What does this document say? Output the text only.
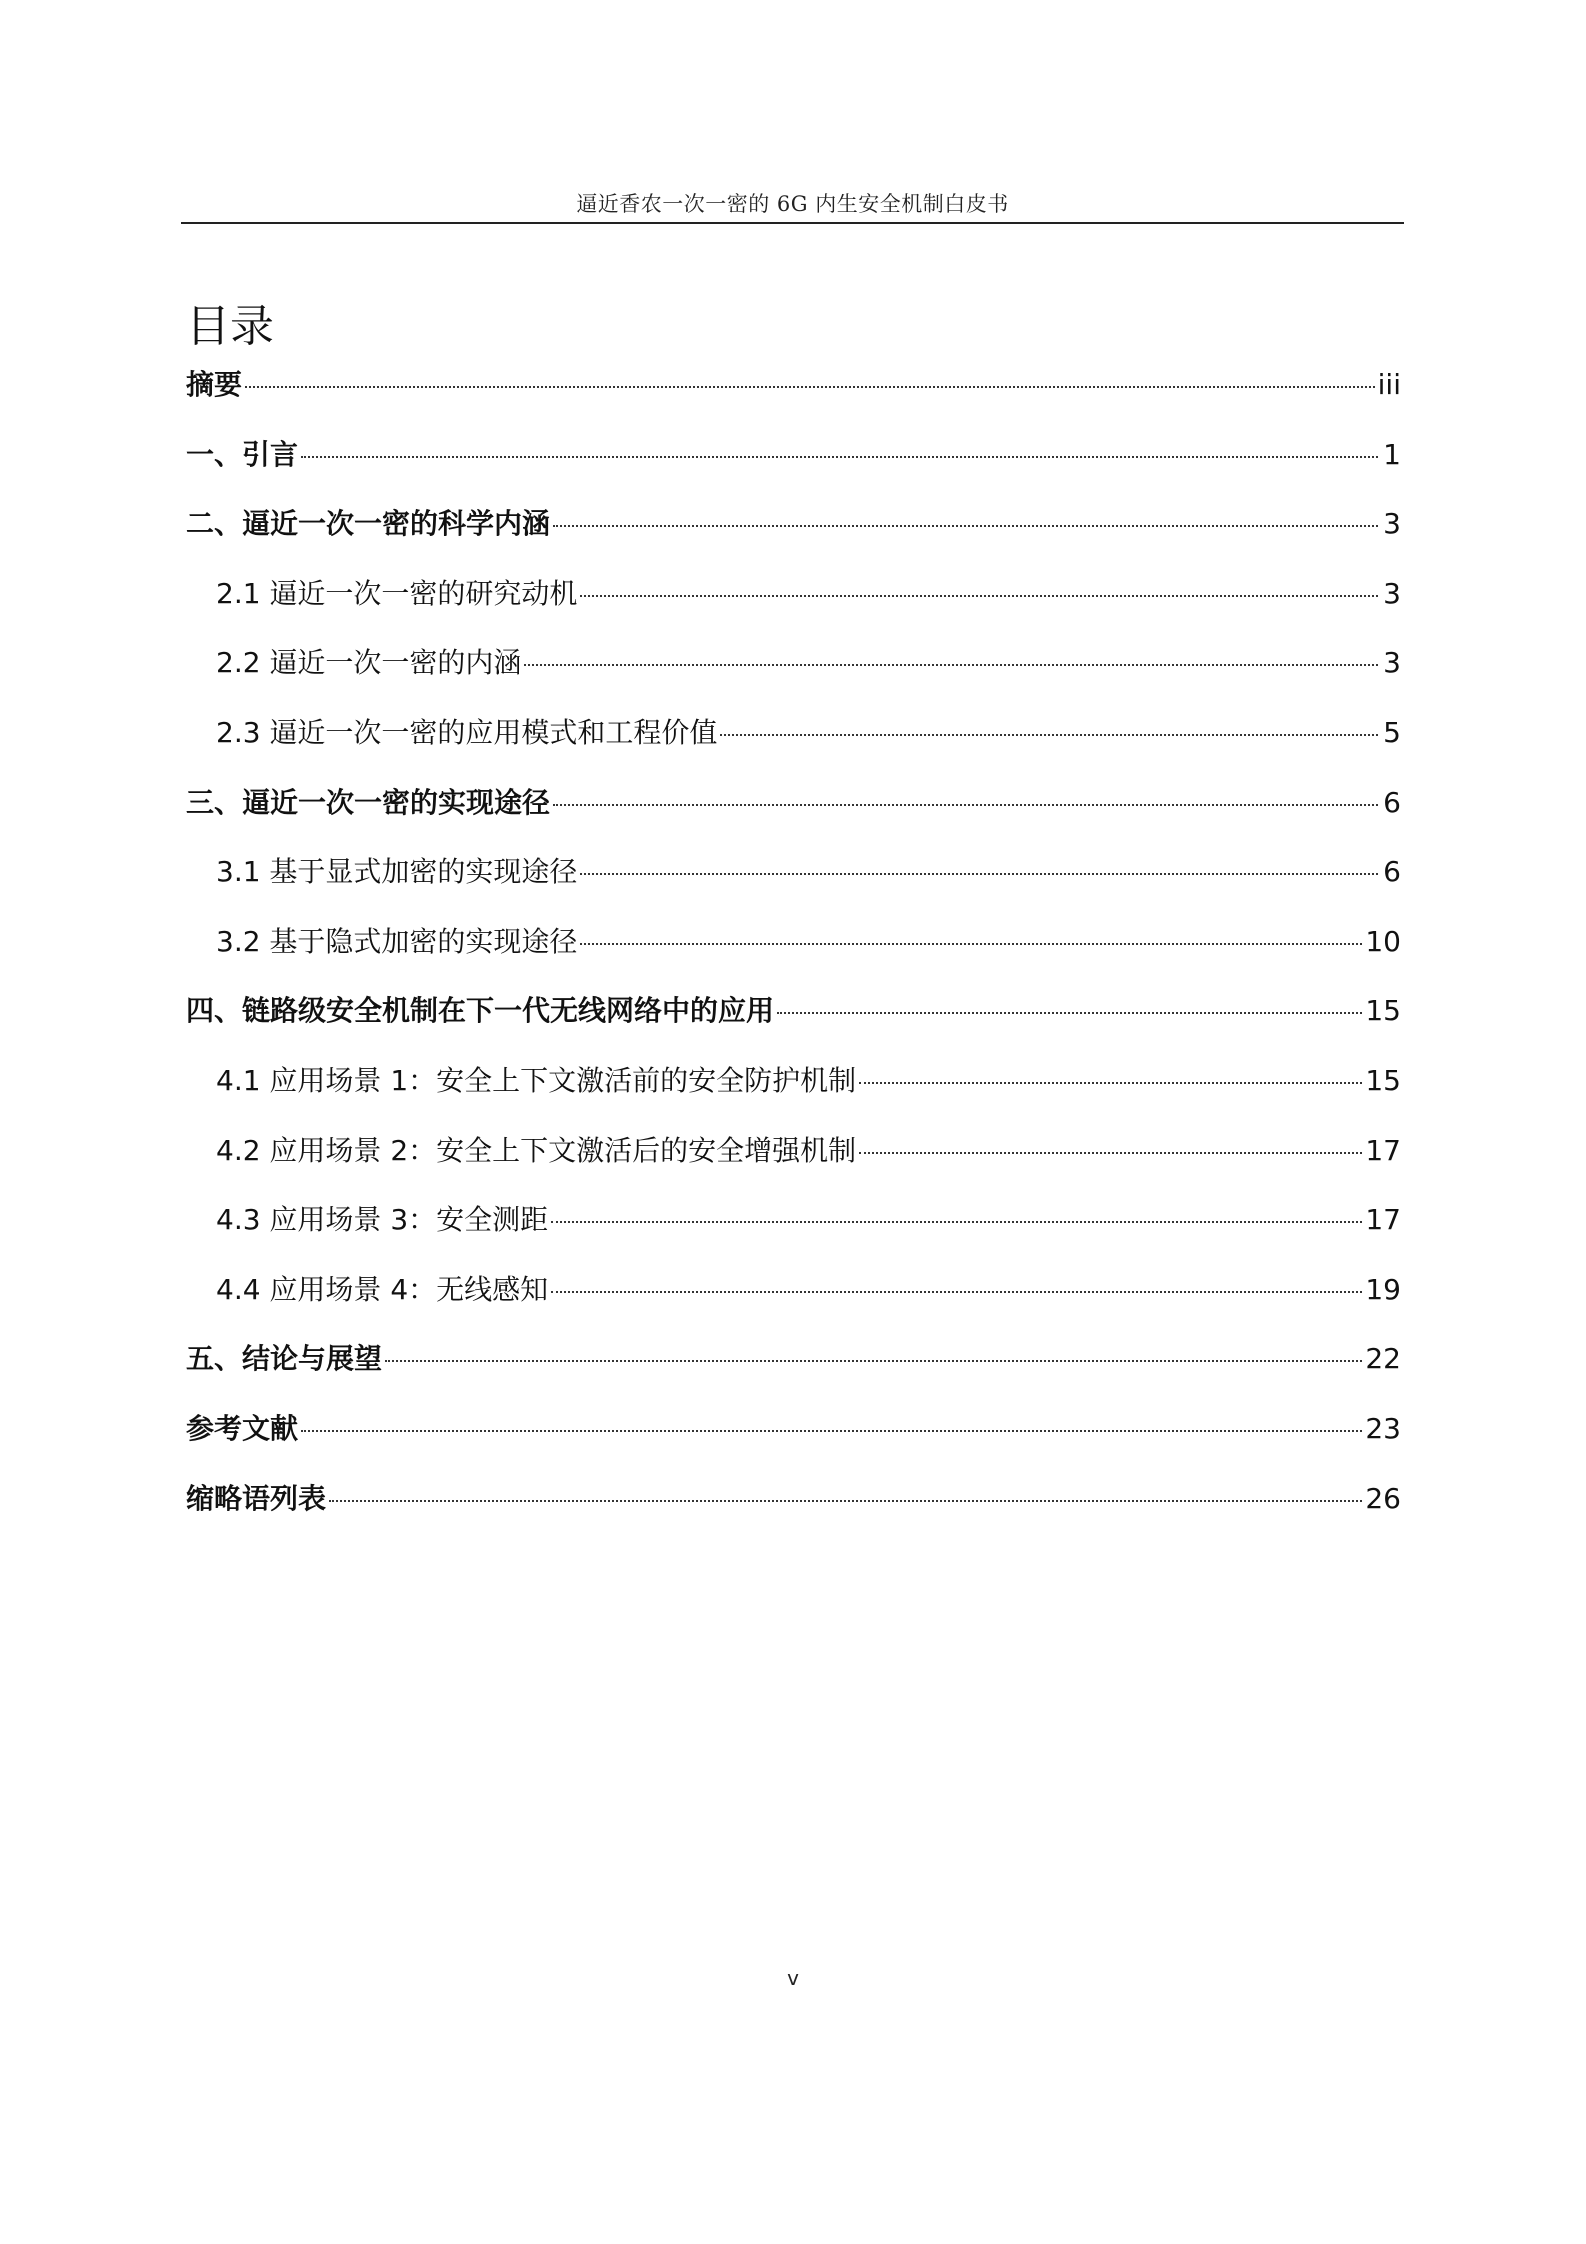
逼近香农一次一密的 6G 内生安全机制白皮书
目录
摘要	iii
一、引言	1
二、逼近一次一密的科学内涵	3
2.1 逼近一次一密的研究动机	3
2.2 逼近一次一密的内涵	3
2.3 逼近一次一密的应用模式和工程价值	5
三、逼近一次一密的实现途径	6
3.1 基于显式加密的实现途径	6
3.2 基于隐式加密的实现途径	10
四、链路级安全机制在下一代无线网络中的应用	15
4.1 应用场景 1：安全上下文激活前的安全防护机制	15
4.2 应用场景 2：安全上下文激活后的安全增强机制	17
4.3 应用场景 3：安全测距	17
4.4 应用场景 4：无线感知	19
五、结论与展望	22
参考文献	23
缩略语列表	26
v
